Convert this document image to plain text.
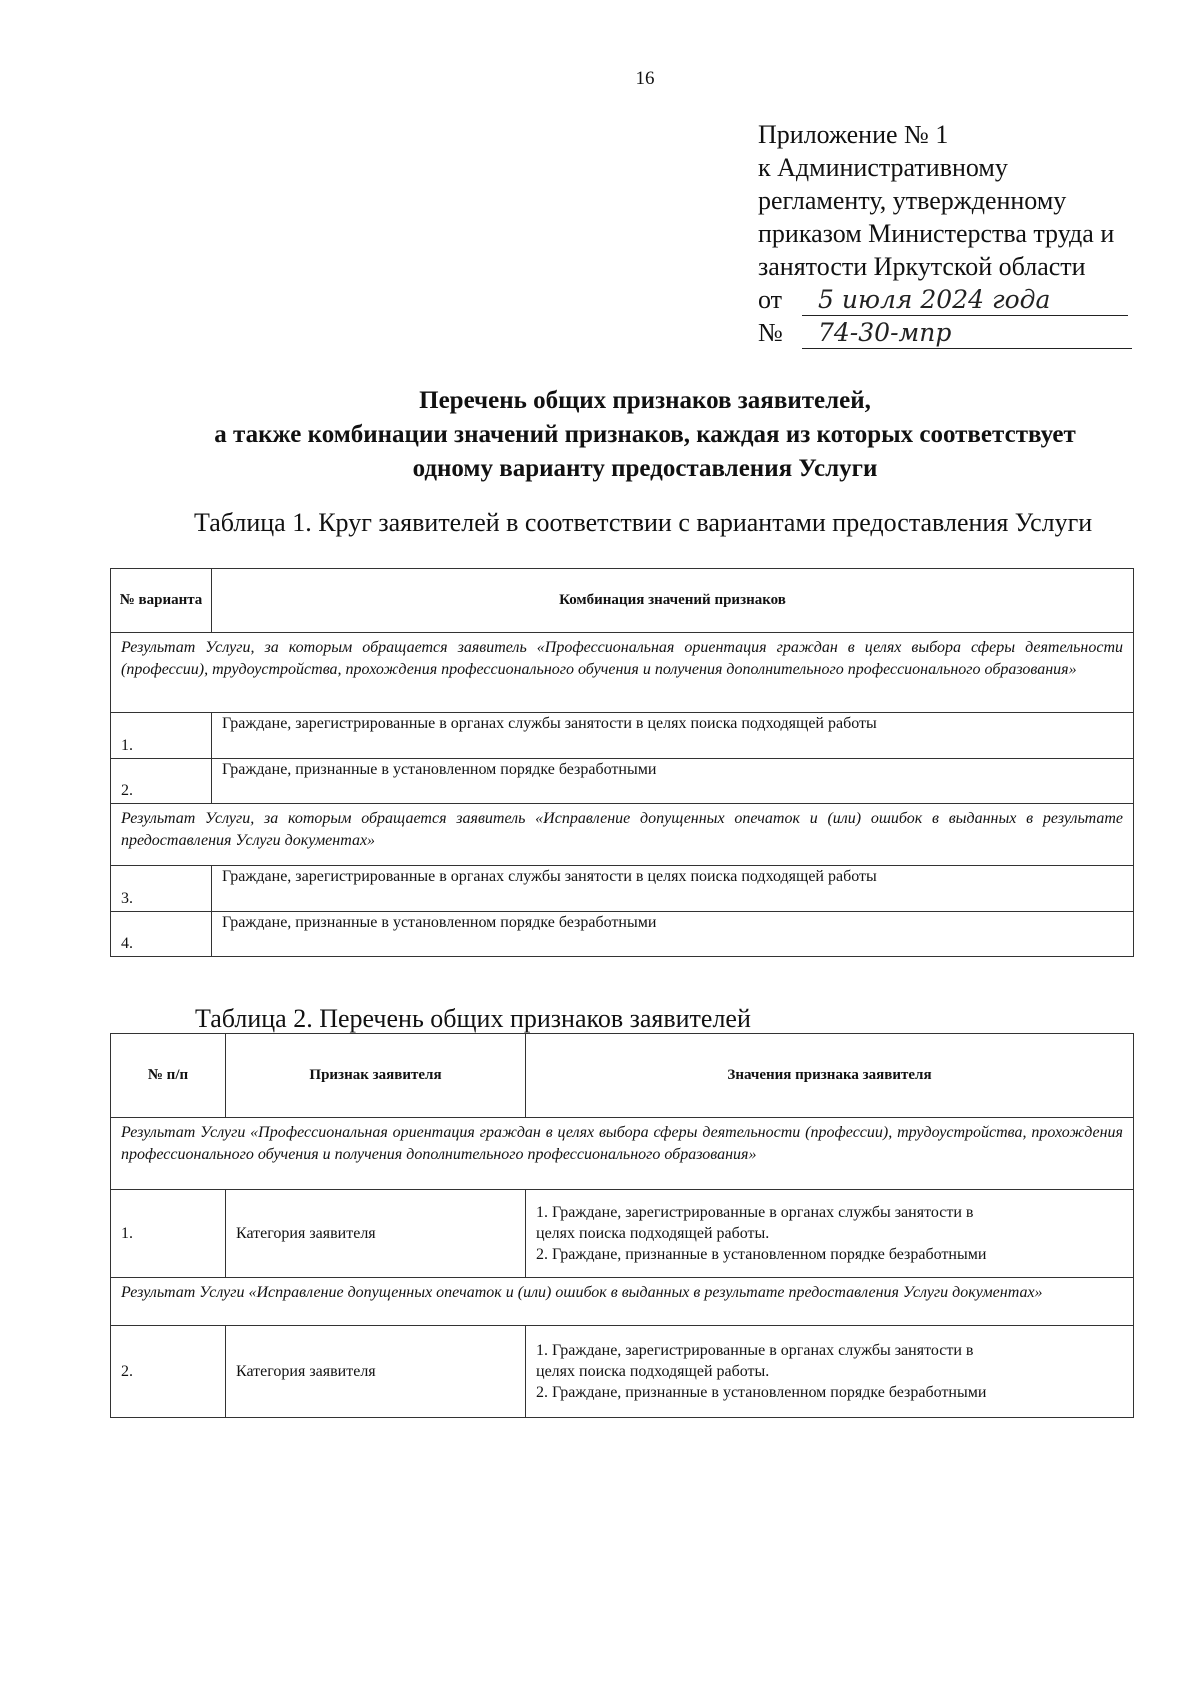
16
Приложение № 1
к Административному
регламенту, утвержденному
приказом Министерства труда и
занятости Иркутской области
от	5 июля 2024 года
№	74-30-мпр
Перечень общих признаков заявителей,
а также комбинации значений признаков, каждая из которых соответствует
одному варианту предоставления Услуги
Таблица 1. Круг заявителей в соответствии с вариантами предоставления Услуги
№ варианта	Комбинация значений признаков
Результат Услуги, за которым обращается заявитель «Профессиональная ориентация граждан в целях выбора сферы деятельности (профессии), трудоустройства, прохождения профессионального обучения и получения дополнительного профессионального образования»	
1.	Граждане, зарегистрированные в органах службы занятости в целях поиска подходящей работы
2.	Граждане, признанные в установленном порядке безработными
Результат Услуги, за которым обращается заявитель «Исправление допущенных опечаток и (или) ошибок в выданных в результате предоставления Услуги документах»	
3.	Граждане, зарегистрированные в органах службы занятости в целях поиска подходящей работы
4.	Граждане, признанные в установленном порядке безработными
Таблица 2. Перечень общих признаков заявителей
№ п/п	Признак заявителя	Значения признака заявителя
Результат Услуги «Профессиональная ориентация граждан в целях выбора сферы деятельности (профессии), трудоустройства, прохождения профессионального обучения и получения дополнительного профессионального образования»		
1.	Категория заявителя	1. Граждане, зарегистрированные в органах службы занятости в
целях поиска подходящей работы.
2. Граждане, признанные в установленном порядке безработными

Результат Услуги «Исправление допущенных опечаток и (или) ошибок в выданных в результате предоставления Услуги документах»		
2.	Категория заявителя	1. Граждане, зарегистрированные в органах службы занятости в
целях поиска подходящей работы.
2. Граждане, признанные в установленном порядке безработными
